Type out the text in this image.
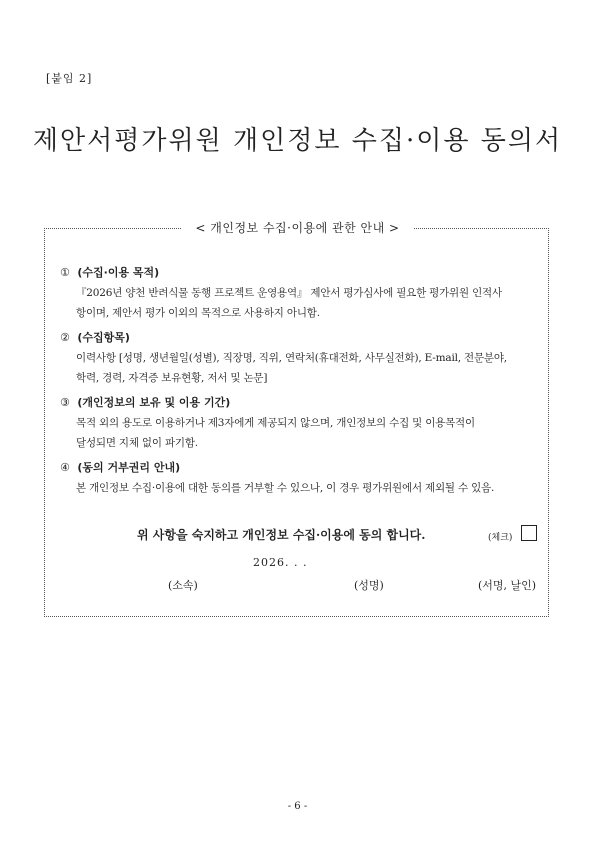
[붙임 2]
제안서평가위원 개인정보 수집·이용 동의서
< 개인정보 수집·이용에 관한 안내 >
① (수집·이용 목적)
『2026년 양천 반려식물 동행 프로젝트 운영용역』 제안서 평가심사에 필요한 평가위원 인적사
항이며, 제안서 평가 이외의 목적으로 사용하지 아니함.
② (수집항목)
이력사항 [성명, 생년월일(성별), 직장명, 직위, 연락처(휴대전화, 사무실전화), E-mail, 전문분야,
학력, 경력, 자격증 보유현황, 저서 및 논문]
③ (개인정보의 보유 및 이용 기간)
목적 외의 용도로 이용하거나 제3자에게 제공되지 않으며, 개인정보의 수집 및 이용목적이
달성되면 지체 없이 파기함.
④ (동의 거부권리 안내)
본 개인정보 수집·이용에 대한 동의를 거부할 수 있으나, 이 경우 평가위원에서 제외될 수 있음.
위 사항을 숙지하고 개인정보 수집·이용에 동의 합니다.	(체크)
2026. . .
(소속)	(성명)	(서명, 날인)
- 6 -
